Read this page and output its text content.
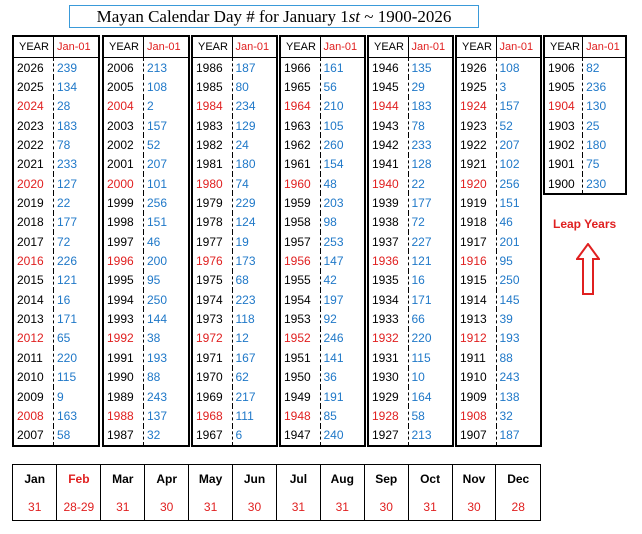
Mayan Calendar Day # for January 1st ~ 1900-2026
YEAR	Jan-01
2026	239
2025	134
2024	28
2023	183
2022	78
2021	233
2020	127
2019	22
2018	177
2017	72
2016	226
2015	121
2014	16
2013	171
2012	65
2011	220
2010	115
2009	9
2008	163
2007	58
YEAR	Jan-01
2006	213
2005	108
2004	2
2003	157
2002	52
2001	207
2000	101
1999	256
1998	151
1997	46
1996	200
1995	95
1994	250
1993	144
1992	38
1991	193
1990	88
1989	243
1988	137
1987	32
YEAR	Jan-01
1986	187
1985	80
1984	234
1983	129
1982	24
1981	180
1980	74
1979	229
1978	124
1977	19
1976	173
1975	68
1974	223
1973	118
1972	12
1971	167
1970	62
1969	217
1968	111
1967	6
YEAR	Jan-01
1966	161
1965	56
1964	210
1963	105
1962	260
1961	154
1960	48
1959	203
1958	98
1957	253
1956	147
1955	42
1954	197
1953	92
1952	246
1951	141
1950	36
1949	191
1948	85
1947	240
YEAR	Jan-01
1946	135
1945	29
1944	183
1943	78
1942	233
1941	128
1940	22
1939	177
1938	72
1937	227
1936	121
1935	16
1934	171
1933	66
1932	220
1931	115
1930	10
1929	164
1928	58
1927	213
YEAR	Jan-01
1926	108
1925	3
1924	157
1923	52
1922	207
1921	102
1920	256
1919	151
1918	46
1917	201
1916	95
1915	250
1914	145
1913	39
1912	193
1911	88
1910	243
1909	138
1908	32
1907	187
YEAR	Jan-01
1906	82
1905	236
1904	130
1903	25
1902	180
1901	75
1900	230
Leap Years
Jan	Feb	Mar	Apr	May	Jun	Jul	Aug	Sep	Oct	Nov	Dec
31	28-29	31	30	31	30	31	31	30	31	30	28
